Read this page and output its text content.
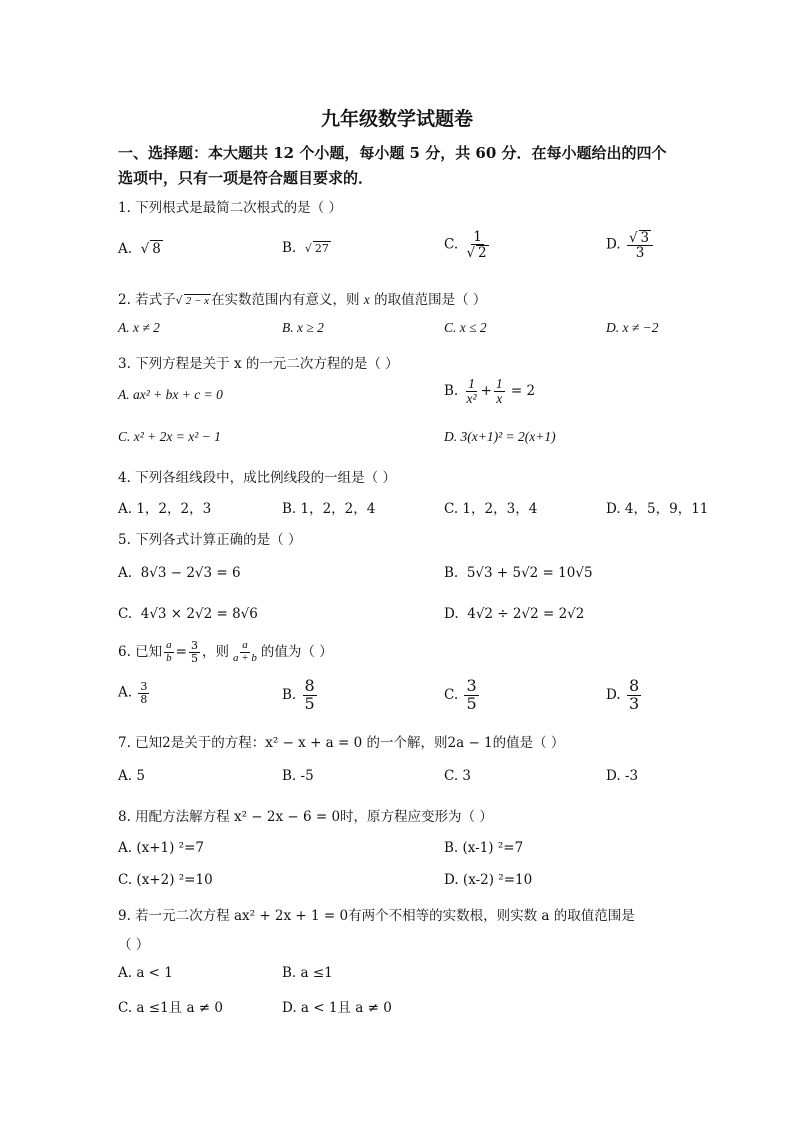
九年级数学试题卷
一、选择题：本大题共 12 个小题，每小题 5 分，共 60 分．在每小题给出的四个
选项中，只有一项是符合题目要求的．
1. 下列根式是最简二次根式的是（ ）
A.  √ 8	B. √ 27	C. $\frac{1}{√ 2}$	D. $\frac{√ 3}{3}$
2. 若式子√ 2 − x 在实数范围内有意义，则 x 的取值范围是（ ）
A. x ≠ 2	B. x ≥ 2	C. x ≤ 2	D. x ≠ −2
3. 下列方程是关于 x 的一元二次方程的是（ ）
A. ax² + bx + c = 0	B. $\frac{1}{\text{x²}} + \frac{1}{x} = 2$
C. x² + 2x = x² − 1	D. 3(x+1)² = 2(x+1)
4. 下列各组线段中，成比例线段的一组是（ ）
A. 1，2，2，3	B. 1，2，2，4	C. 1，2，3，4	D. 4，5，9，11
5. 下列各式计算正确的是（ ）
A. 8√3 − 2√3 = 6	B. 5√3 + 5√2 = 10√5
C. 4√3 × 2√2 = 8√6	D. 4√2 ÷ 2√2 = 2√2
6. 已知 $\frac{a}{b} = \frac{3}{5}$ ，则 $\frac{a}{a + b}$ 的值为（ ）
A. $\frac{3}{8}$	B. $\frac{8}{5}$	C. $\frac{3}{5}$	D. $\frac{8}{3}$
7. 已知2是关于的方程：x² − x + a = 0 的一个解，则2a − 1的值是（ ）
A. 5	B. -5	C. 3	D. -3
8. 用配方法解方程 x² − 2x − 6 = 0时，原方程应变形为（ ）
A. (x+1) ²=7	B. (x-1) ²=7
C. (x+2) ²=10	D. (x-2) ²=10
9. 若一元二次方程 ax² + 2x + 1 = 0有两个不相等的实数根，则实数 a 的取值范围是
（ ）
A. a < 1	B. a ≤1
C. a ≤1且 a ≠ 0	D. a < 1且 a ≠ 0
